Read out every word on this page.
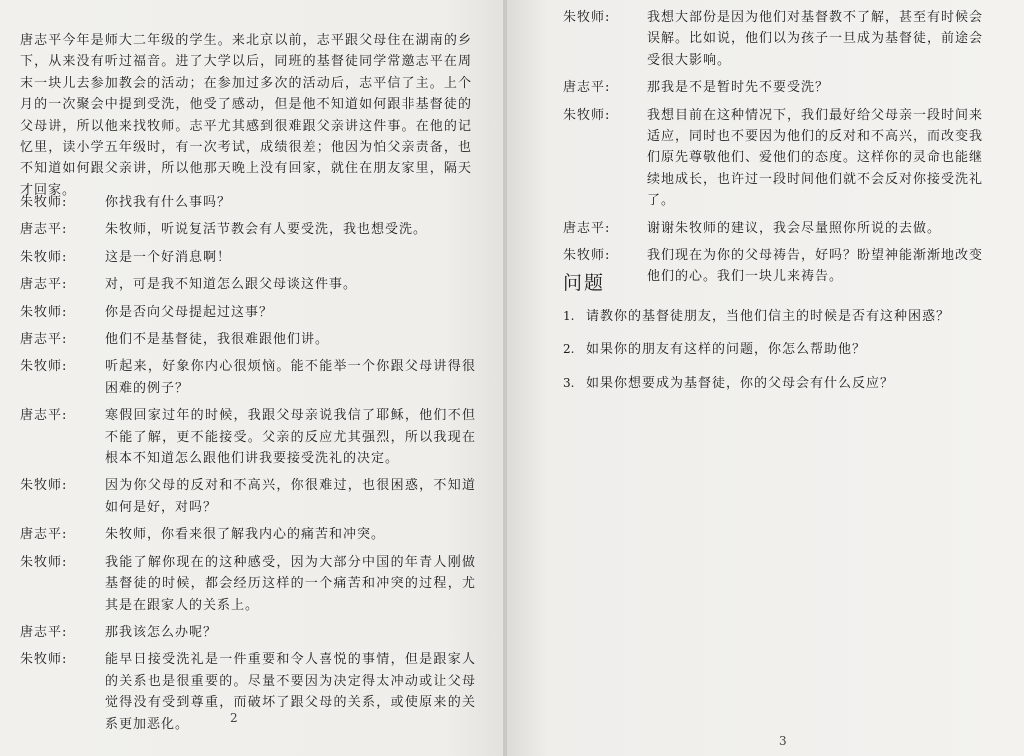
唐志平今年是师大二年级的学生。来北京以前，志平跟父母住在湖南的乡下，从来没有听过福音。进了大学以后，同班的基督徒同学常邀志平在周末一块儿去参加教会的活动；在参加过多次的活动后，志平信了主。上个月的一次聚会中提到受洗，他受了感动，但是他不知道如何跟非基督徒的父母讲，所以他来找牧师。志平尤其感到很难跟父亲讲这件事。在他的记忆里，读小学五年级时，有一次考试，成绩很差；他因为怕父亲责备，也不知道如何跟父亲讲，所以他那天晚上没有回家，就住在朋友家里，隔天才回家。

朱牧师:	你找我有什么事吗？
唐志平:	朱牧师，听说复活节教会有人要受洗，我也想受洗。
朱牧师:	这是一个好消息啊！
唐志平:	对，可是我不知道怎么跟父母谈这件事。
朱牧师:	你是否向父母提起过这事？
唐志平:	他们不是基督徒，我很难跟他们讲。
朱牧师:	听起来，好象你内心很烦恼。能不能举一个你跟父母讲得很困难的例子？
唐志平:	寒假回家过年的时候，我跟父母亲说我信了耶稣，他们不但不能了解，更不能接受。父亲的反应尤其强烈，所以我现在根本不知道怎么跟他们讲我要接受洗礼的决定。
朱牧师:	因为你父母的反对和不高兴，你很难过，也很困惑，不知道如何是好，对吗？
唐志平:	朱牧师，你看来很了解我内心的痛苦和冲突。
朱牧师:	我能了解你现在的这种感受，因为大部分中国的年青人刚做基督徒的时候，都会经历这样的一个痛苦和冲突的过程，尤其是在跟家人的关系上。
唐志平:	那我该怎么办呢？
朱牧师:	能早日接受洗礼是一件重要和令人喜悦的事情，但是跟家人的关系也是很重要的。尽量不要因为决定得太冲动或让父母觉得没有受到尊重，而破坏了跟父母的关系，或使原来的关系更加恶化。	2
朱牧师:	我想大部份是因为他们对基督教不了解，甚至有时候会误解。比如说，他们以为孩子一旦成为基督徒，前途会受很大影响。
唐志平:	那我是不是暂时先不要受洗？
朱牧师:	我想目前在这种情况下，我们最好给父母亲一段时间来适应，同时也不要因为他们的反对和不高兴，而改变我们原先尊敬他们、爱他们的态度。这样你的灵命也能继续地成长，也许过一段时间他们就不会反对你接受洗礼了。
唐志平:	谢谢朱牧师的建议，我会尽量照你所说的去做。
朱牧师:	我们现在为你的父母祷告，好吗？盼望神能渐渐地改变他们的心。我们一块儿来祷告。
问题
1. 请教你的基督徒朋友，当他们信主的时候是否有这种困惑？
2. 如果你的朋友有这样的问题，你怎么帮助他？
3. 如果你想要成为基督徒，你的父母会有什么反应？
3
